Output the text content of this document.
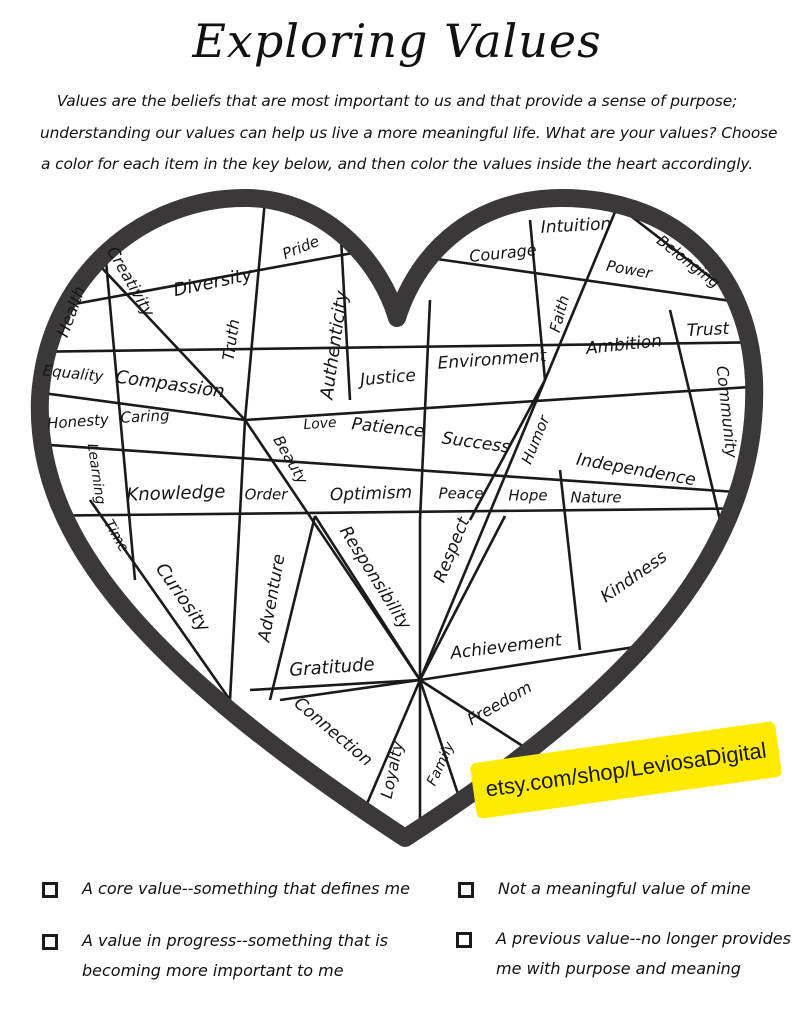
Exploring Values

Values are the beliefs that are most important to us and that provide a sense of purpose;
understanding our values can help us live a more meaningful life. What are your values? Choose
a color for each item in the key below, and then color the values inside the heart accordingly.

Health Creativity Diversity
Pride	Courage
Intuition
Belonging
Power
Faith
Truth	Authenticity	Ambition
Trust
Equality Compassion	Justice
Environment
Community
Honesty Caring	Love Patience
Success Humor
Independence
Learning	Beauty
Knowledge Order Optimism Peace Hope Nature
Time
Curiosity Adventure	Responsibility Respect	Kindness
Achievement
Gratitude
Freedom
Connection Loyalty Family	etsy.com/shop/LeviosaDigital
A core value--something that defines me	Not a meaningful value of mine
A value in progress--something that is
becoming more important to me
A previous value--no longer provides
me with purpose and meaning
